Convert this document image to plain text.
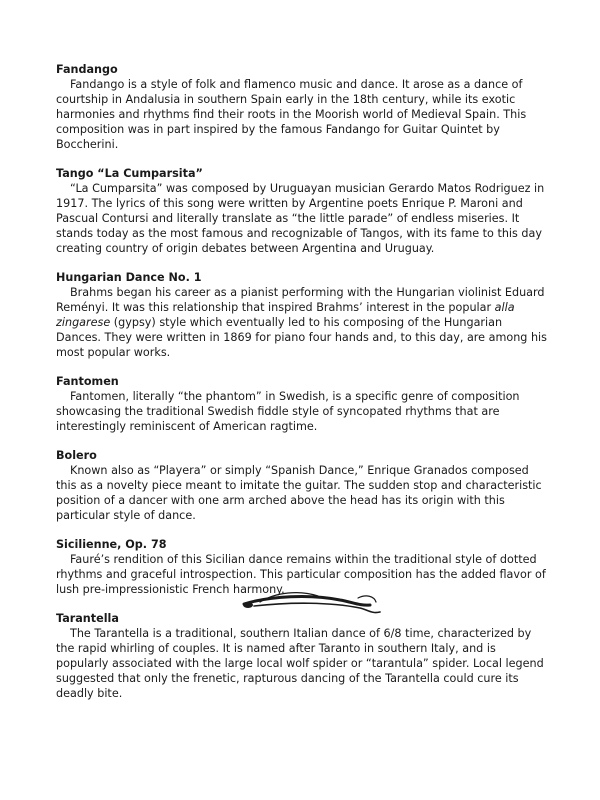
Fandango

Fandango is a style of folk and flamenco music and dance. It arose as a dance of courtship in Andalusia in southern Spain early in the 18th century, while its exotic harmonies and rhythms find their roots in the Moorish world of Medieval Spain. This composition was in part inspired by the famous Fandango for Guitar Quintet by Boccherini.

Tango “La Cumparsita”

“La Cumparsita” was composed by Uruguayan musician Gerardo Matos Rodriguez in 1917. The lyrics of this song were written by Argentine poets Enrique P. Maroni and Pascual Contursi and literally translate as “the little parade” of endless miseries. It stands today as the most famous and recognizable of Tangos, with its fame to this day creating country of origin debates between Argentina and Uruguay.

Hungarian Dance No. 1

Brahms began his career as a pianist performing with the Hungarian violinist Eduard Reményi. It was this relationship that inspired Brahms’ interest in the popular alla zingarese (gypsy) style which eventually led to his composing of the Hungarian Dances. They were written in 1869 for piano four hands and, to this day, are among his most popular works.

Fantomen

Fantomen, literally “the phantom” in Swedish, is a specific genre of composition showcasing the traditional Swedish fiddle style of syncopated rhythms that are interestingly reminiscent of American ragtime.

Bolero

Known also as “Playera” or simply “Spanish Dance,” Enrique Granados composed this as a novelty piece meant to imitate the guitar. The sudden stop and characteristic position of a dancer with one arm arched above the head has its origin with this particular style of dance.

Sicilienne, Op. 78

Fauré’s rendition of this Sicilian dance remains within the traditional style of dotted rhythms and graceful introspection. This particular composition has the added flavor of lush pre-impressionistic French harmony.

Tarantella

The Tarantella is a traditional, southern Italian dance of 6/8 time, characterized by the rapid whirling of couples. It is named after Taranto in southern Italy, and is popularly associated with the large local wolf spider or “tarantula” spider. Local legend suggested that only the frenetic, rapturous dancing of the Tarantella could cure its deadly bite.
